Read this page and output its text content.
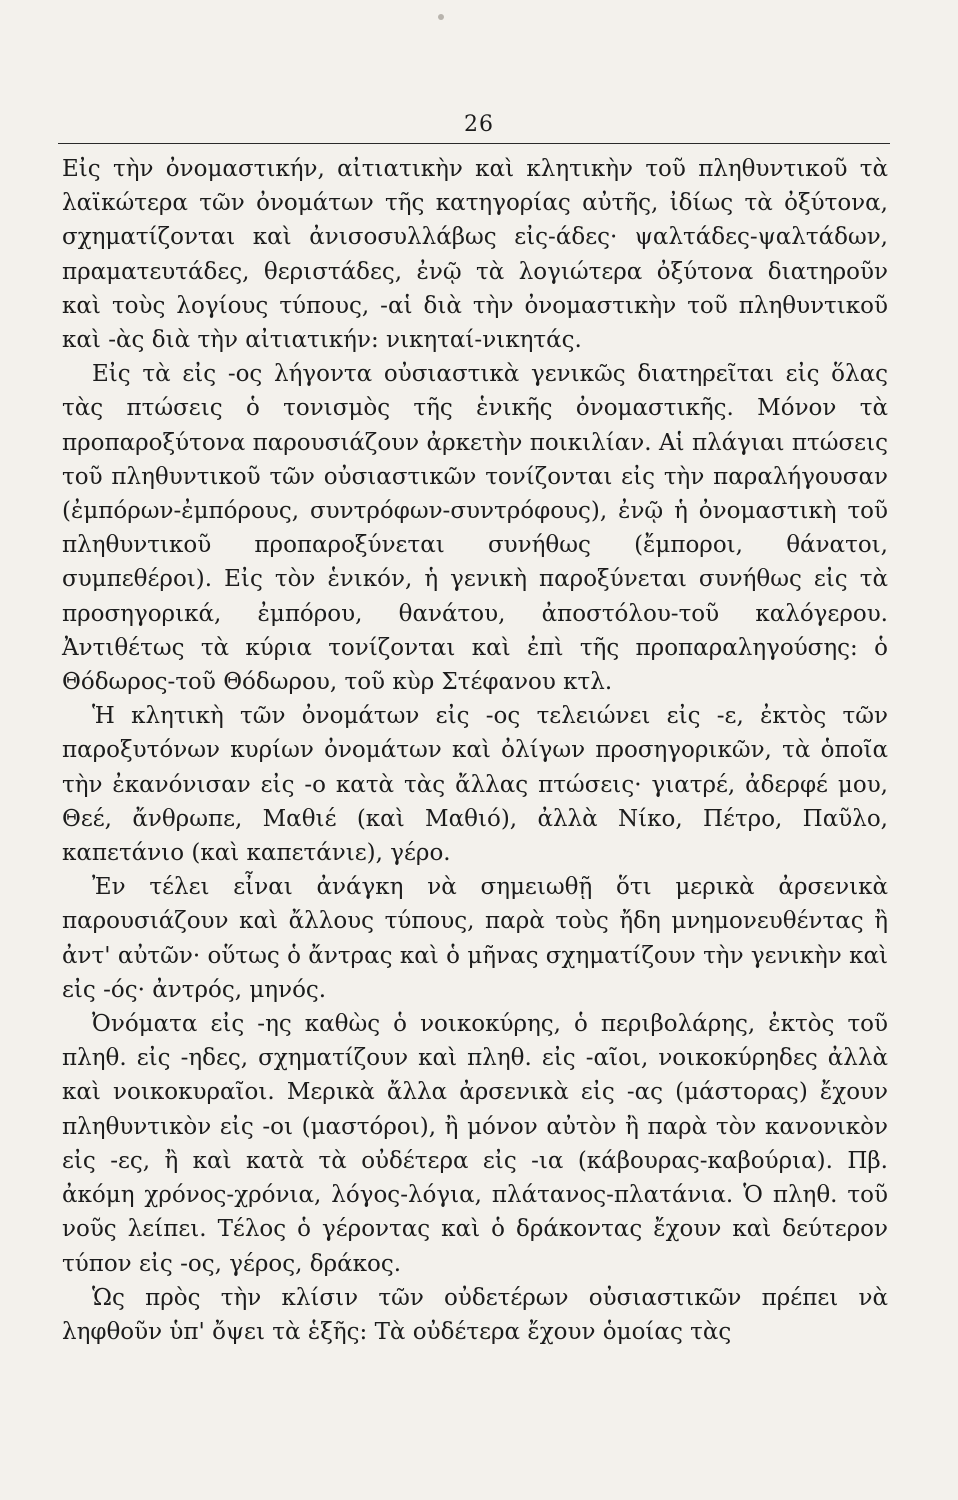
26

Εἰς τὴν ὀνομαστικήν, αἰτιατικὴν καὶ κλητικὴν τοῦ πληθυντικοῦ τὰ λαϊκώτερα τῶν ὀνομάτων τῆς κατηγορίας αὐτῆς, ἰδίως τὰ ὀξύτονα, σχηματίζονται καὶ ἀνισοσυλλάβως εἰς-άδες· ψαλτάδες-ψαλτάδων, πραματευτάδες, θεριστάδες, ἐνῷ τὰ λογιώτερα ὀξύτονα διατηροῦν καὶ τοὺς λογίους τύπους, -αἱ διὰ τὴν ὀνομαστικὴν τοῦ πληθυντικοῦ καὶ -ὰς διὰ τὴν αἰτιατικήν: νικηταί-νικητάς.

Εἰς τὰ εἰς -ος λήγοντα οὐσιαστικὰ γενικῶς διατηρεῖται εἰς ὅλας τὰς πτώσεις ὁ τονισμὸς τῆς ἑνικῆς ὀνομαστικῆς. Μόνον τὰ προπαροξύτονα παρουσιάζουν ἀρκετὴν ποικιλίαν. Αἱ πλάγιαι πτώσεις τοῦ πληθυντικοῦ τῶν οὐσιαστικῶν τονίζονται εἰς τὴν παραλήγουσαν (ἐμπόρων-ἐμπόρους, συντρόφων-συντρόφους), ἐνῷ ἡ ὀνομαστικὴ τοῦ πληθυντικοῦ προπαροξύνεται συνήθως (ἔμποροι, θάνατοι, συμπεθέροι). Εἰς τὸν ἑνικόν, ἡ γενικὴ παροξύνεται συνήθως εἰς τὰ προσηγορικά, ἐμπόρου, θανάτου, ἀποστόλου-τοῦ καλόγερου. Ἀντιθέτως τὰ κύρια τονίζονται καὶ ἐπὶ τῆς προπαραληγούσης: ὁ Θόδωρος-τοῦ Θόδωρου, τοῦ κὺρ Στέφανου κτλ.

Ἡ κλητικὴ τῶν ὀνομάτων εἰς -ος τελειώνει εἰς -ε, ἐκτὸς τῶν παροξυτόνων κυρίων ὀνομάτων καὶ ὀλίγων προσηγορικῶν, τὰ ὁποῖα τὴν ἐκανόνισαν εἰς -ο κατὰ τὰς ἄλλας πτώσεις· γιατρέ, ἀδερφέ μου, Θεέ, ἄνθρωπε, Μαθιέ (καὶ Μαθιό), ἀλλὰ Νίκο, Πέτρο, Παῦλο, καπετάνιο (καὶ καπετάνιε), γέρο.

Ἐν τέλει εἶναι ἀνάγκη νὰ σημειωθῇ ὅτι μερικὰ ἀρσενικὰ παρουσιάζουν καὶ ἄλλους τύπους, παρὰ τοὺς ἤδη μνημονευθέντας ἢ ἀντ' αὐτῶν· οὕτως ὁ ἄντρας καὶ ὁ μῆνας σχηματίζουν τὴν γενικὴν καὶ εἰς -ός· ἀντρός, μηνός.

Ὀνόματα εἰς -ης καθὼς ὁ νοικοκύρης, ὁ περιβολάρης, ἐκτὸς τοῦ πληθ. εἰς -ηδες, σχηματίζουν καὶ πληθ. εἰς -αῖοι, νοικοκύρηδες ἀλλὰ καὶ νοικοκυραῖοι. Μερικὰ ἄλλα ἀρσενικὰ εἰς -ας (μάστορας) ἔχουν πληθυντικὸν εἰς -οι (μαστόροι), ἢ μόνον αὐτὸν ἢ παρὰ τὸν κανονικὸν εἰς -ες, ἢ καὶ κατὰ τὰ οὐδέτερα εἰς -ια (κάβουρας-καβούρια). Πβ. ἀκόμη χρόνος-χρόνια, λόγος-λόγια, πλάτανος-πλατάνια. Ὁ πληθ. τοῦ νοῦς λείπει. Τέλος ὁ γέροντας καὶ ὁ δράκοντας ἔχουν καὶ δεύτερον τύπον εἰς -ος, γέρος, δράκος.

Ὡς πρὸς τὴν κλίσιν τῶν οὐδετέρων οὐσιαστικῶν πρέπει νὰ ληφθοῦν ὑπ' ὄψει τὰ ἑξῆς: Τὰ οὐδέτερα ἔχουν ὁμοίας τὰς
